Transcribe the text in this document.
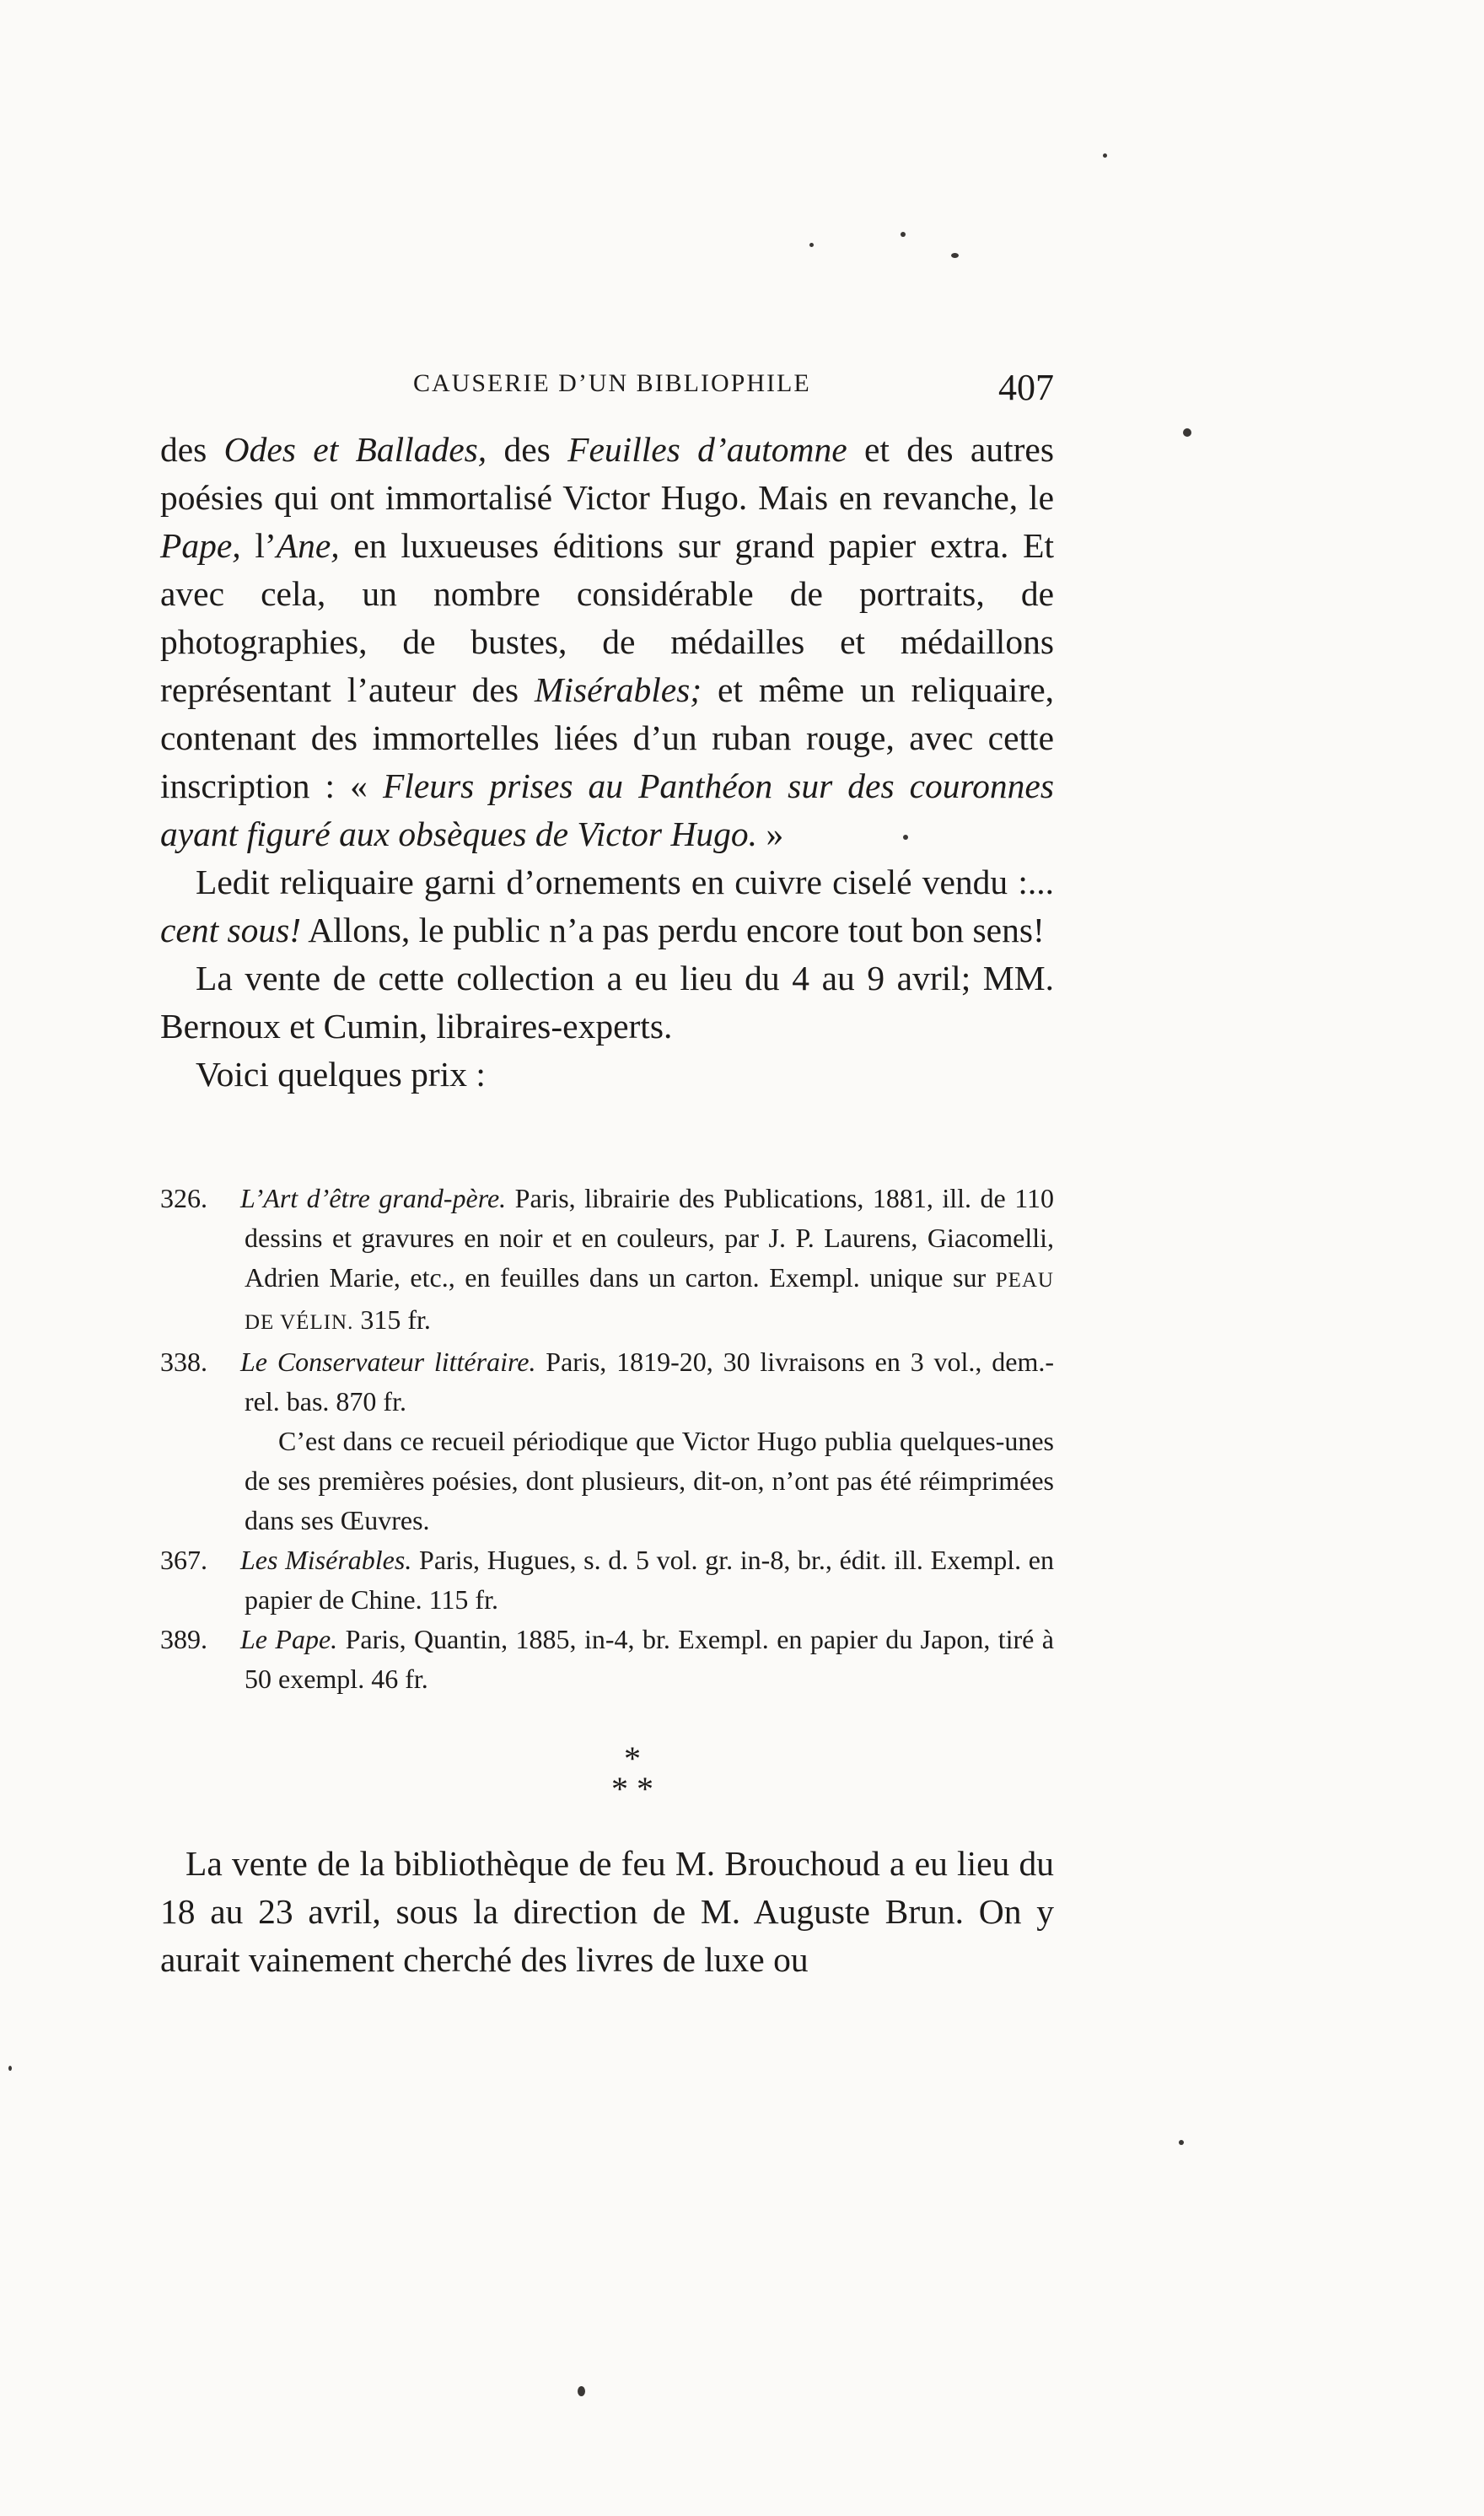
CAUSERIE D’UN BIBLIOPHILE	407

des Odes et Ballades, des Feuilles d’automne et des autres poésies qui ont immortalisé Victor Hugo. Mais en revanche, le Pape, l’Ane, en luxueuses éditions sur grand papier extra. Et avec cela, un nombre considérable de portraits, de photographies, de bustes, de médailles et médaillons représentant l’auteur des Misérables; et même un reliquaire, contenant des immortelles liées d’un ruban rouge, avec cette inscription : « Fleurs prises au Panthéon sur des couronnes ayant figuré aux obsèques de Victor Hugo. »

Ledit reliquaire garni d’ornements en cuivre ciselé vendu :... cent sous! Allons, le public n’a pas perdu encore tout bon sens!

La vente de cette collection a eu lieu du 4 au 9 avril; MM. Bernoux et Cumin, libraires-experts.

Voici quelques prix :

326. L’Art d’être grand-père. Paris, librairie des Publications, 1881, ill. de 110 dessins et gravures en noir et en couleurs, par J. P. Laurens, Giacomelli, Adrien Marie, etc., en feuilles dans un carton. Exempl. unique sur PEAU DE VÉLIN. 315 fr.
338. Le Conservateur littéraire. Paris, 1819-20, 30 livraisons en 3 vol., dem.-rel. bas. 870 fr.
C’est dans ce recueil périodique que Victor Hugo publia quelques-unes de ses premières poésies, dont plusieurs, dit-on, n’ont pas été réimprimées dans ses Œuvres.
367. Les Misérables. Paris, Hugues, s. d. 5 vol. gr. in-8, br., édit. ill. Exempl. en papier de Chine. 115 fr.
389. Le Pape. Paris, Quantin, 1885, in-4, br. Exempl. en papier du Japon, tiré à 50 exempl. 46 fr.
*
* *

La vente de la bibliothèque de feu M. Brouchoud a eu lieu du 18 au 23 avril, sous la direction de M. Auguste Brun. On y aurait vainement cherché des livres de luxe ou
